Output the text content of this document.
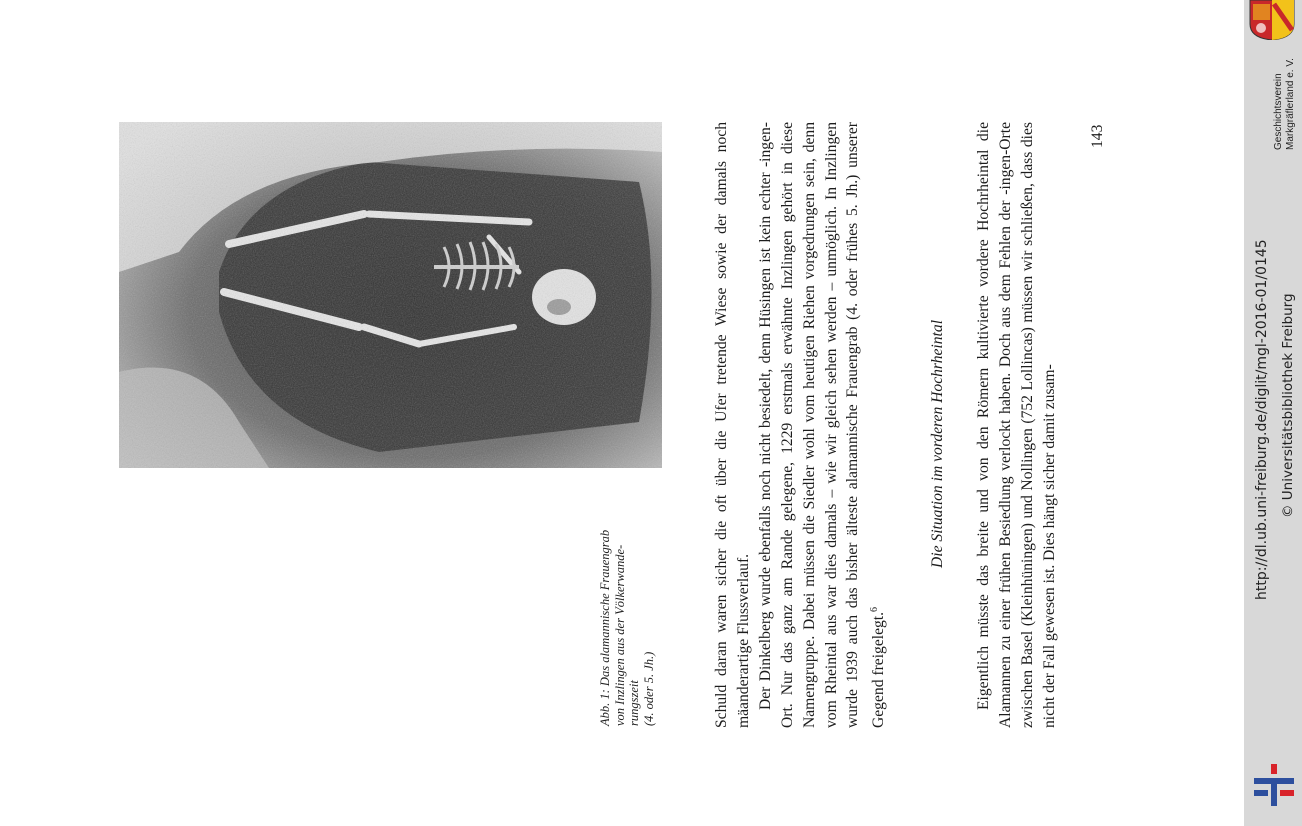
Abb. 1: Das alamannische Frauengrab von Inzlingen aus der Völkerwande- rungszeit (4. oder 5. Jh.)	Schuld daran waren sicher die oft über die Ufer tretende Wiese sowie der damals noch mäanderartige Flussverlauf. Der Dinkelberg wurde ebenfalls noch nicht besiedelt, denn Hüsingen ist kein echter -ingen-Ort. Nur das ganz am Rande gelegene, 1229 erstmals erwähnte Inzlingen gehört in diese Namengruppe. Dabei müssen die Siedler wohl vom heutigen Riehen vorgedrungen sein, denn vom Rheintal aus war dies damals – wie wir gleich sehen werden – unmöglich. In Inzlingen wurde 1939 auch das bisher älteste alamannische Frauengrab (4. oder frühes 5. Jh.) unserer Gegend freigelegt.$^6$

Die Situation im vorderen Hochrheintal Eigentlich müsste das breite und von den Römern kultivierte vordere Hochrheintal die Alamannen zu einer frühen Besiedlung verlockt haben. Doch aus dem Fehlen der -ingen-Orte zwischen Basel (Kleinhüningen) und Nollingen (752 Lollincas) müssen wir schließen, dass dies nicht der Fall gewesen ist. Dies hängt sicher damit zusam-

143	Geschichtsverein Markgräflerland e. V.
http://dl.ub.uni-freiburg.de/diglit/mgl-2016-01/0145 © Universitätsbibliothek Freiburg
